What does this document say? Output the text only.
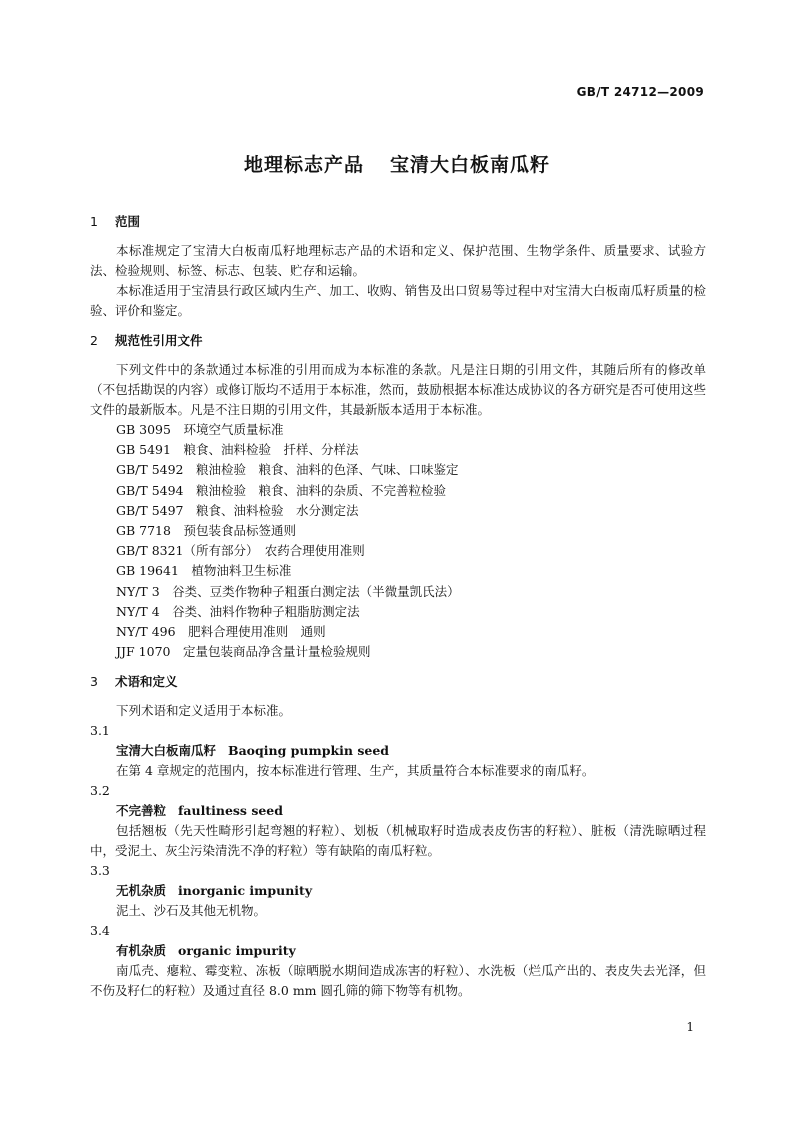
GB/T 24712—2009
地理标志产品 宝清大白板南瓜籽
1 范围
本标准规定了宝清大白板南瓜籽地理标志产品的术语和定义、保护范围、生物学条件、质量要求、试验方法、检验规则、标签、标志、包装、贮存和运输。
本标准适用于宝清县行政区域内生产、加工、收购、销售及出口贸易等过程中对宝清大白板南瓜籽质量的检验、评价和鉴定。
2 规范性引用文件
下列文件中的条款通过本标准的引用而成为本标准的条款。凡是注日期的引用文件，其随后所有的修改单（不包括勘误的内容）或修订版均不适用于本标准，然而，鼓励根据本标准达成协议的各方研究是否可使用这些文件的最新版本。凡是不注日期的引用文件，其最新版本适用于本标准。
GB 3095　环境空气质量标准
GB 5491　粮食、油料检验　扦样、分样法
GB/T 5492　粮油检验　粮食、油料的色泽、气味、口味鉴定
GB/T 5494　粮油检验　粮食、油料的杂质、不完善粒检验
GB/T 5497　粮食、油料检验　水分测定法
GB 7718　预包装食品标签通则
GB/T 8321（所有部分）　农药合理使用准则
GB 19641　植物油料卫生标准
NY/T 3　谷类、豆类作物种子粗蛋白测定法（半微量凯氏法）
NY/T 4　谷类、油料作物种子粗脂肪测定法
NY/T 496　肥料合理使用准则　通则
JJF 1070　定量包装商品净含量计量检验规则
3 术语和定义
下列术语和定义适用于本标准。
3.1
宝清大白板南瓜籽 Baoqing pumpkin seed
在第 4 章规定的范围内，按本标准进行管理、生产，其质量符合本标准要求的南瓜籽。
3.2
不完善粒 faultiness seed
包括翘板（先天性畸形引起弯翘的籽粒）、划板（机械取籽时造成表皮伤害的籽粒）、脏板（清洗晾晒过程中，受泥土、灰尘污染清洗不净的籽粒）等有缺陷的南瓜籽粒。
3.3
无机杂质 inorganic impunity
泥土、沙石及其他无机物。
3.4
有机杂质 organic impurity
南瓜壳、瘪粒、霉变粒、冻板（晾晒脱水期间造成冻害的籽粒）、水洗板（烂瓜产出的、表皮失去光泽，但不伤及籽仁的籽粒）及通过直径 8.0 mm 圆孔筛的筛下物等有机物。
1
